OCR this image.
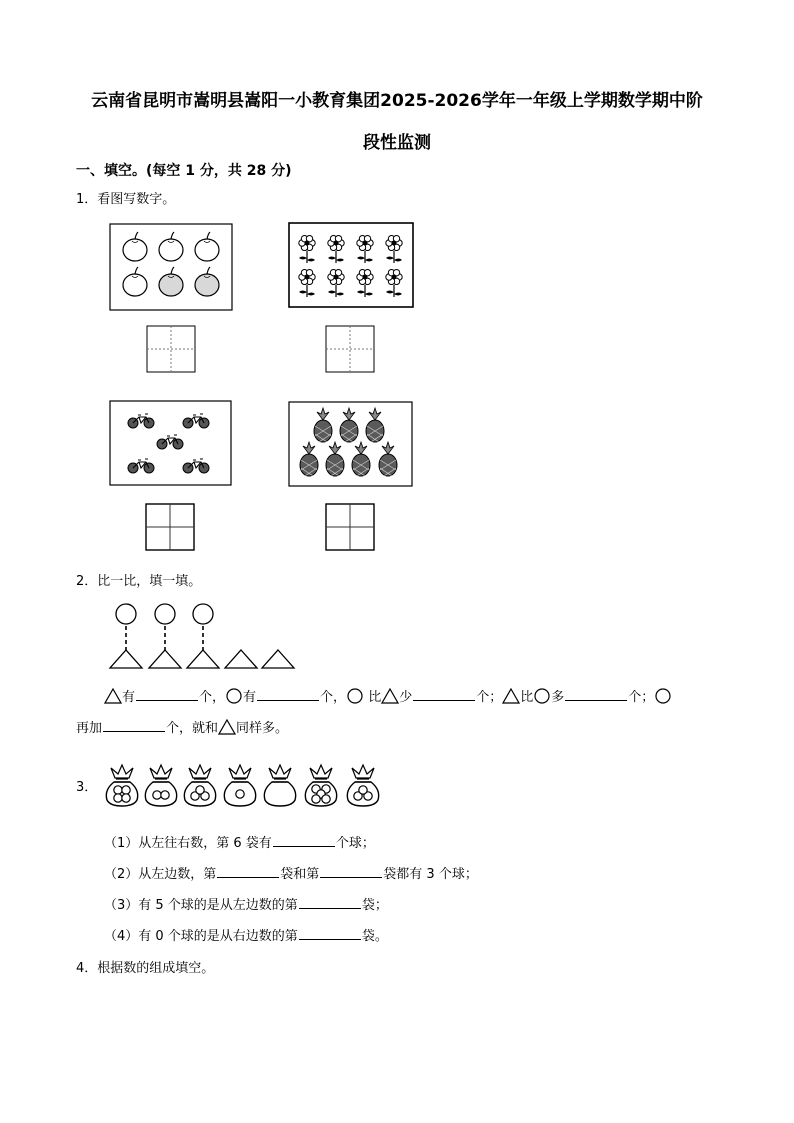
云南省昆明市嵩明县嵩阳一小教育集团2025-2026学年一年级上学期数学期中阶
段性监测
一、填空。(每空 1 分，共 28 分)
1．看图写数字。
2．比一比，填一填。
有	个， 有	个， 比 少	个； 比 多	个；
再加	个，就和 同样多。
3．
（1）从左往右数，第 6 袋有	个球；
（2）从左边数，第	袋和第	袋都有 3 个球；
（3）有 5 个球的是从左边数的第	袋；
（4）有 0 个球的是从右边数的第	袋。
4．根据数的组成填空。
